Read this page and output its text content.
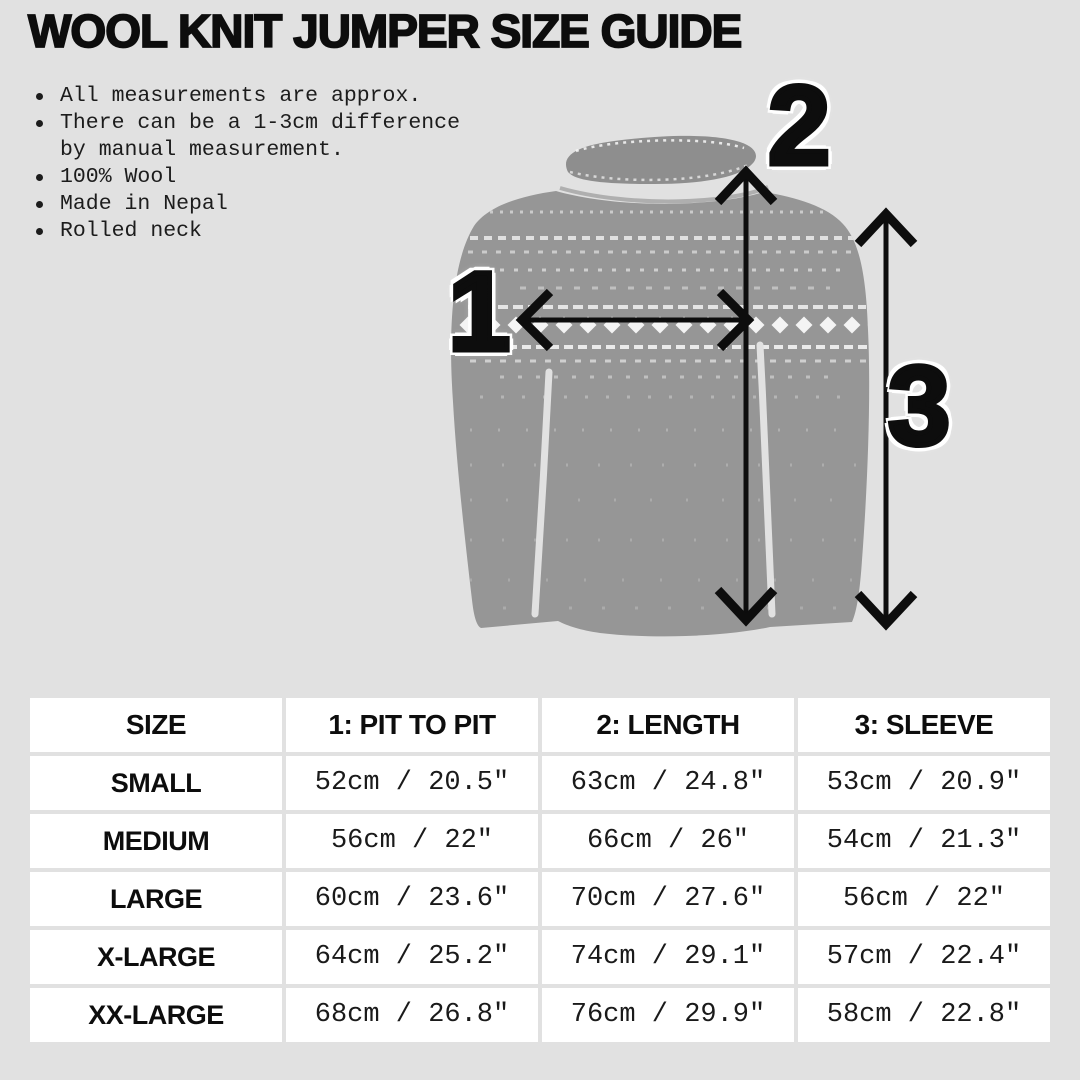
WOOL KNIT JUMPER SIZE GUIDE
All measurements are approx.
There can be a 1-3cm difference
by manual measurement.
100% Wool
Made in Nepal
Rolled neck
1
2
3
SIZE	1: PIT TO PIT	2: LENGTH	3: SLEEVE
SMALL	52cm / 20.5"	63cm / 24.8"	53cm / 20.9"
MEDIUM	56cm / 22"	66cm / 26"	54cm / 21.3"
LARGE	60cm / 23.6"	70cm / 27.6"	56cm / 22"
X-LARGE	64cm / 25.2"	74cm / 29.1"	57cm / 22.4"
XX-LARGE	68cm / 26.8"	76cm / 29.9"	58cm / 22.8"
